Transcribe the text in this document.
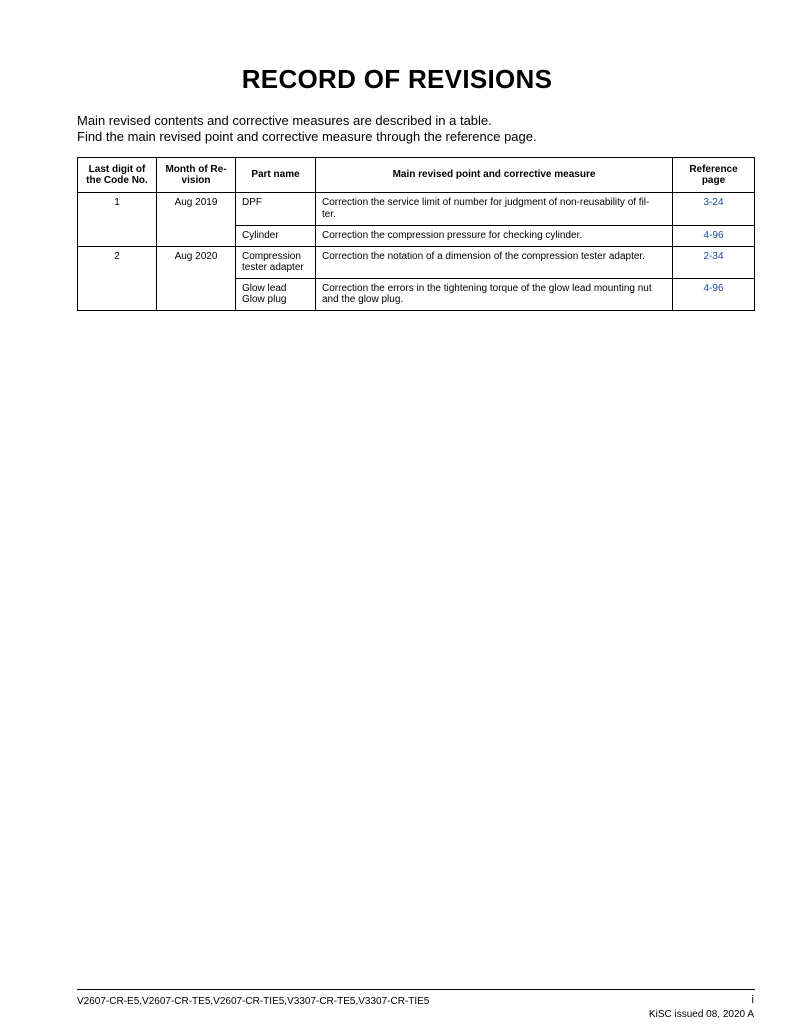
RECORD OF REVISIONS

Main revised contents and corrective measures are described in a table.

Find the main revised point and corrective measure through the reference page.

Last digit of the Code No.	Month of Re- vision	Part name	Main revised point and corrective measure	Reference page
1	Aug 2019	DPF	Correction the service limit of number for judgment of non-reusability of fil- ter.	3-24
		Cylinder	Correction the compression pressure for checking cylinder.	4-96
2	Aug 2020	Compression tester adapter	Correction the notation of a dimension of the compression tester adapter.	2-34
		Glow lead Glow plug	Correction the errors in the tightening torque of the glow lead mounting nut and the glow plug.	4-96
V2607-CR-E5,V2607-CR-TE5,V2607-CR-TIE5,V3307-CR-TE5,V3307-CR-TIE5	i
KiSC issued 08, 2020 A
